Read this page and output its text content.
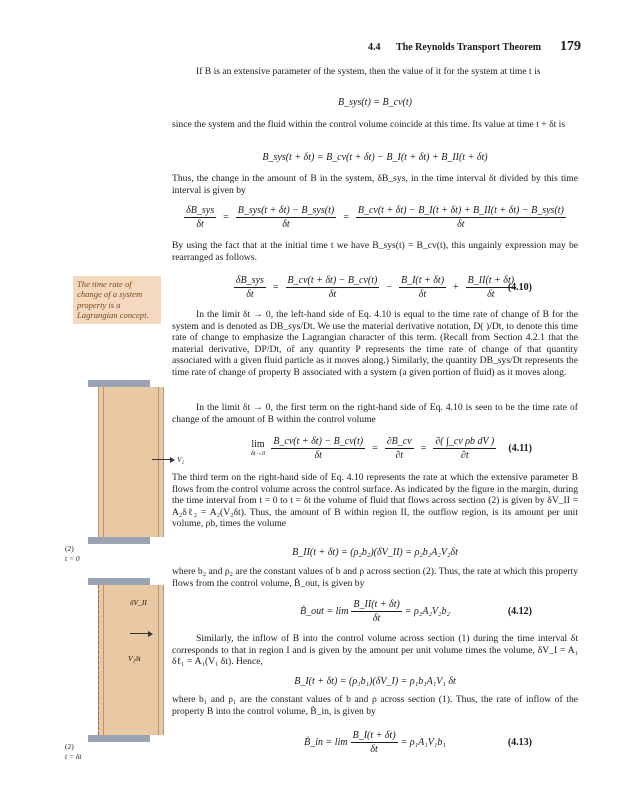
4.4 The Reynolds Transport Theorem 179
The time rate of change of a system property is a Lagrangian concept.

If B is an extensive parameter of the system, then the value of it for the system at time t is

B_sys(t) = B_cv(t)

since the system and the fluid within the control volume coincide at this time. Its value at time t + δt is

B_sys(t + δt) = B_cv(t + δt) − B_I(t + δt) + B_II(t + δt)

Thus, the change in the amount of B in the system, δB_sys, in the time interval δt divided by this time interval is given by

$\frac{\text{δB\_sys}}{\delta t} = \frac{\text{B\_sys(t + δt) − B\_sys(t)}}{\delta t} = \frac{\text{B\_cv(t + δt) − B\_I(t + δt) + B\_II(t + δt) − B\_sys(t)}}{\delta t}$

By using the fact that at the initial time t we have B_sys(t) = B_cv(t), this ungainly expression may be rearranged as follows.

$\frac{\text{δB\_sys}}{\delta t} = \frac{B\_cv(t + \delta t) - B\_cv(t)}{\delta t} - \frac{B\_I(t + \delta t)}{\delta t} + \frac{B\_II(t + \delta t)}{\delta t}$
(4.10)

In the limit δt → 0, the left-hand side of Eq. 4.10 is equal to the time rate of change of B for the system and is denoted as DB_sys/Dt. We use the material derivative notation, D( )/Dt, to denote this time rate of change to emphasize the Lagrangian character of this term. (Recall from Section 4.2.1 that the material derivative, DP/Dt, of any quantity P represents the time rate of change of that quantity associated with a given fluid particle as it moves along.) Similarly, the quantity DB_sys/Dt represents the time rate of change of property B associated with a system (a given portion of fluid) as it moves along.

In the limit δt → 0, the first term on the right-hand side of Eq. 4.10 is seen to be the time rate of change of the amount of B within the control volume

lim
$\delta t\to 0 \frac{B\_cv(t + \delta t) - B\_cv(t)}{\delta t} = \frac{\partial B\_cv}{\partial t} = \frac{\text{∂( ∫\_cv ρb dV )}}{\partial t} (4.11)$

The third term on the right-hand side of Eq. 4.10 represents the rate at which the extensive parameter B flows from the control volume across the control surface. As indicated by the figure in the margin, during the time interval from t = 0 to t = δt the volume of fluid that flows across section (2) is given by δV_II = A₂δℓ₂ = A₂(V₂δt). Thus, the amount of B within region II, the outflow region, is its amount per unit volume, ρb, times the volume

B_II(t + δt) = (ρ₂b₂)(δV_II) = ρ₂b₂A₂V₂δt

where b₂ and ρ₂ are the constant values of b and ρ across section (2). Thus, the rate at which this property flows from the control volume, Ḃ_out, is given by

Ḃ_out = $\lim \frac{B\_II(t + \delta t)}{\delta t} = \rho_2A_2V_2b_2$	(4.12)

Similarly, the inflow of B into the control volume across section (1) during the time interval δt corresponds to that in region I and is given by the amount per unit volume times the volume, δV_I = A₁ δℓ₁ = A₁(V₁ δt). Hence,

B_I(t + δt) = (ρ₁b₁)(δV_I) = ρ₁b₁A₁V₁ δt

where b₁ and ρ₁ are the constant values of b and ρ across section (1). Thus, the rate of inflow of the property B into the control volume, Ḃ_in, is given by

Ḃ_in = $\lim \frac{B\_I(t + \delta t)}{\delta t} = \rho_1A_1V_1b_1$	(4.13)
V₂
(2)
t = 0
δV_II
V₂δt
(2)
t = δt
